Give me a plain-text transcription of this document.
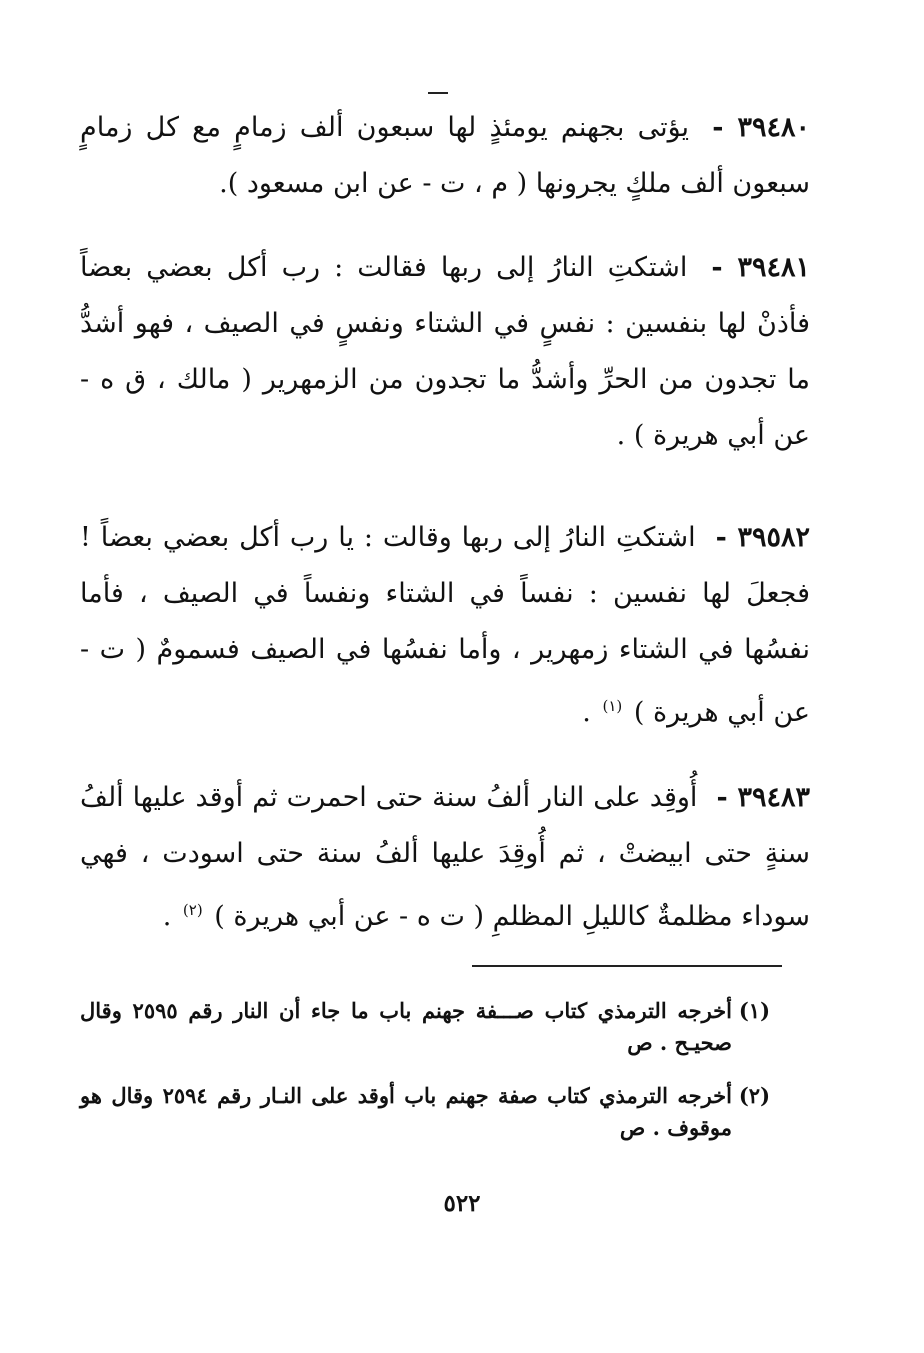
٣٩٤٨٠ - يؤتى بجهنم يومئذٍ لها سبعون ألف زمامٍ مع كل زمامٍ سبعون ألف ملكٍ يجرونها ( م ، ت - عن ابن مسعود ).

٣٩٤٨١ - اشتكتِ النارُ إلى ربها فقالت : رب أكل بعضي بعضاً فأذنْ لها بنفسين : نفسٍ في الشتاء ونفسٍ في الصيف ، فهو أشدُّ ما تجدون من الحرِّ وأشدُّ ما تجدون من الزمهرير ( مالك ، ق ه - عن أبي هريرة ) .

٣٩٥٨٢ - اشتكتِ النارُ إلى ربها وقالت : يا رب أكل بعضي بعضاً ! فجعلَ لها نفسين : نفساً في الشتاء ونفساً في الصيف ، فأما نفسُها في الشتاء زمهرير ، وأما نفسُها في الصيف فسمومٌ ( ت - عن أبي هريرة ) $^{(١)}$ .

٣٩٤٨٣ - أُوقِد على النار ألفُ سنة حتى احمرت ثم أوقد عليها ألفُ سنةٍ حتى ابيضتْ ، ثم أُوقِدَ عليها ألفُ سنة حتى اسودت ، فهي سوداء مظلمةٌ كالليلِ المظلمِ ( ت ه - عن أبي هريرة ) $^{(٢)}$ .

(١)
أخرجه الترمذي كتاب صـــفة جهنم باب ما جاء أن النار رقم ٢٥٩٥ وقال صحيـح . ص
(٢)
أخرجه الترمذي كتاب صفة جهنم باب أوقد على النـار رقم ٢٥٩٤ وقال هو موقوف . ص
٥٢٢
